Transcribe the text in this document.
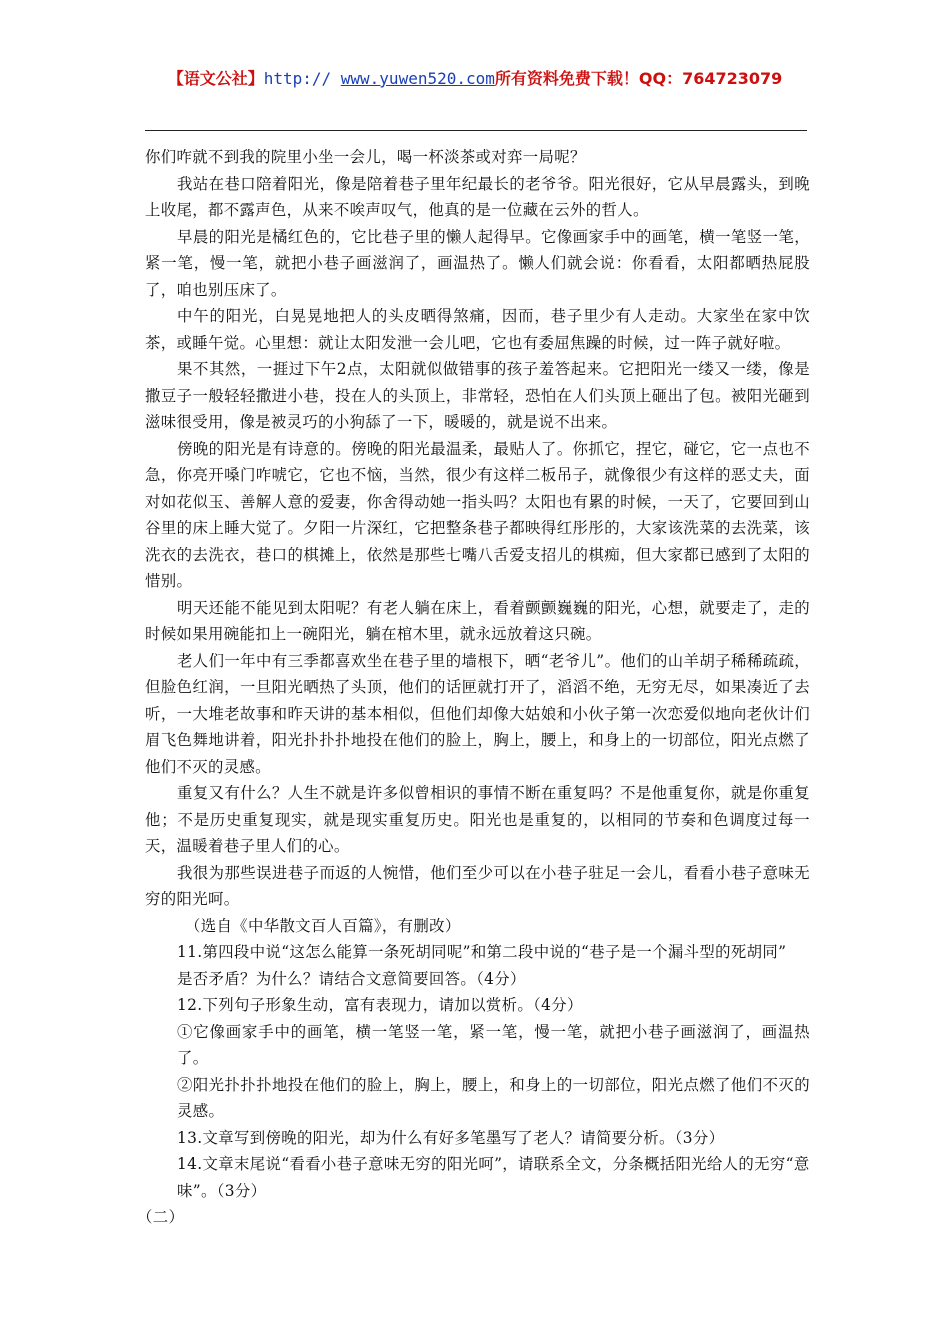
【语文公社】http:// www.yuwen520.com所有资料免费下载！QQ：764723079

你们咋就不到我的院里小坐一会儿，喝一杯淡茶或对弈一局呢？

我站在巷口陪着阳光，像是陪着巷子里年纪最长的老爷爷。阳光很好，它从早晨露头，到晚上收尾，都不露声色，从来不唉声叹气，他真的是一位藏在云外的哲人。

早晨的阳光是橘红色的，它比巷子里的懒人起得早。它像画家手中的画笔，横一笔竖一笔，紧一笔，慢一笔，就把小巷子画滋润了，画温热了。懒人们就会说：你看看，太阳都晒热屁股了，咱也别压床了。

中午的阳光，白晃晃地把人的头皮晒得煞痛，因而，巷子里少有人走动。大家坐在家中饮茶，或睡午觉。心里想：就让太阳发泄一会儿吧，它也有委屈焦躁的时候，过一阵子就好啦。

果不其然，一捱过下午2点，太阳就似做错事的孩子羞答起来。它把阳光一缕又一缕，像是撒豆子一般轻轻撒进小巷，投在人的头顶上，非常轻，恐怕在人们头顶上砸出了包。被阳光砸到滋味很受用，像是被灵巧的小狗舔了一下，暖暖的，就是说不出来。

傍晚的阳光是有诗意的。傍晚的阳光最温柔，最贴人了。你抓它，捏它，碰它，它一点也不急，你亮开嗓门咋唬它，它也不恼，当然，很少有这样二板吊子，就像很少有这样的恶丈夫，面对如花似玉、善解人意的爱妻，你舍得动她一指头吗？太阳也有累的时候，一天了，它要回到山谷里的床上睡大觉了。夕阳一片深红，它把整条巷子都映得红彤彤的，大家该洗菜的去洗菜，该洗衣的去洗衣，巷口的棋摊上，依然是那些七嘴八舌爱支招儿的棋痴，但大家都已感到了太阳的惜别。

明天还能不能见到太阳呢？有老人躺在床上，看着颤颤巍巍的阳光，心想，就要走了，走的时候如果用碗能扣上一碗阳光，躺在棺木里，就永远放着这只碗。

老人们一年中有三季都喜欢坐在巷子里的墙根下，晒“老爷儿”。他们的山羊胡子稀稀疏疏，但脸色红润，一旦阳光晒热了头顶，他们的话匣就打开了，滔滔不绝，无穷无尽，如果凑近了去听，一大堆老故事和昨天讲的基本相似，但他们却像大姑娘和小伙子第一次恋爱似地向老伙计们眉飞色舞地讲着，阳光扑扑扑地投在他们的脸上，胸上，腰上，和身上的一切部位，阳光点燃了他们不灭的灵感。

重复又有什么？人生不就是许多似曾相识的事情不断在重复吗？不是他重复你，就是你重复他；不是历史重复现实，就是现实重复历史。阳光也是重复的，以相同的节奏和色调度过每一天，温暖着巷子里人们的心。

我很为那些误进巷子而返的人惋惜，他们至少可以在小巷子驻足一会儿，看看小巷子意味无穷的阳光呵。

（选自《中华散文百人百篇》，有删改）

11.第四段中说“这怎么能算一条死胡同呢”和第二段中说的“巷子是一个漏斗型的死胡同”

是否矛盾？为什么？请结合文意简要回答。（4分）

12.下列句子形象生动，富有表现力，请加以赏析。（4分）

①它像画家手中的画笔，横一笔竖一笔，紧一笔，慢一笔，就把小巷子画滋润了，画温热了。

②阳光扑扑扑地投在他们的脸上，胸上，腰上，和身上的一切部位，阳光点燃了他们不灭的灵感。

13.文章写到傍晚的阳光，却为什么有好多笔墨写了老人？请简要分析。（3分）

14.文章末尾说“看看小巷子意味无穷的阳光呵”，请联系全文，分条概括阳光给人的无穷“意

味”。（3分）

（二）
